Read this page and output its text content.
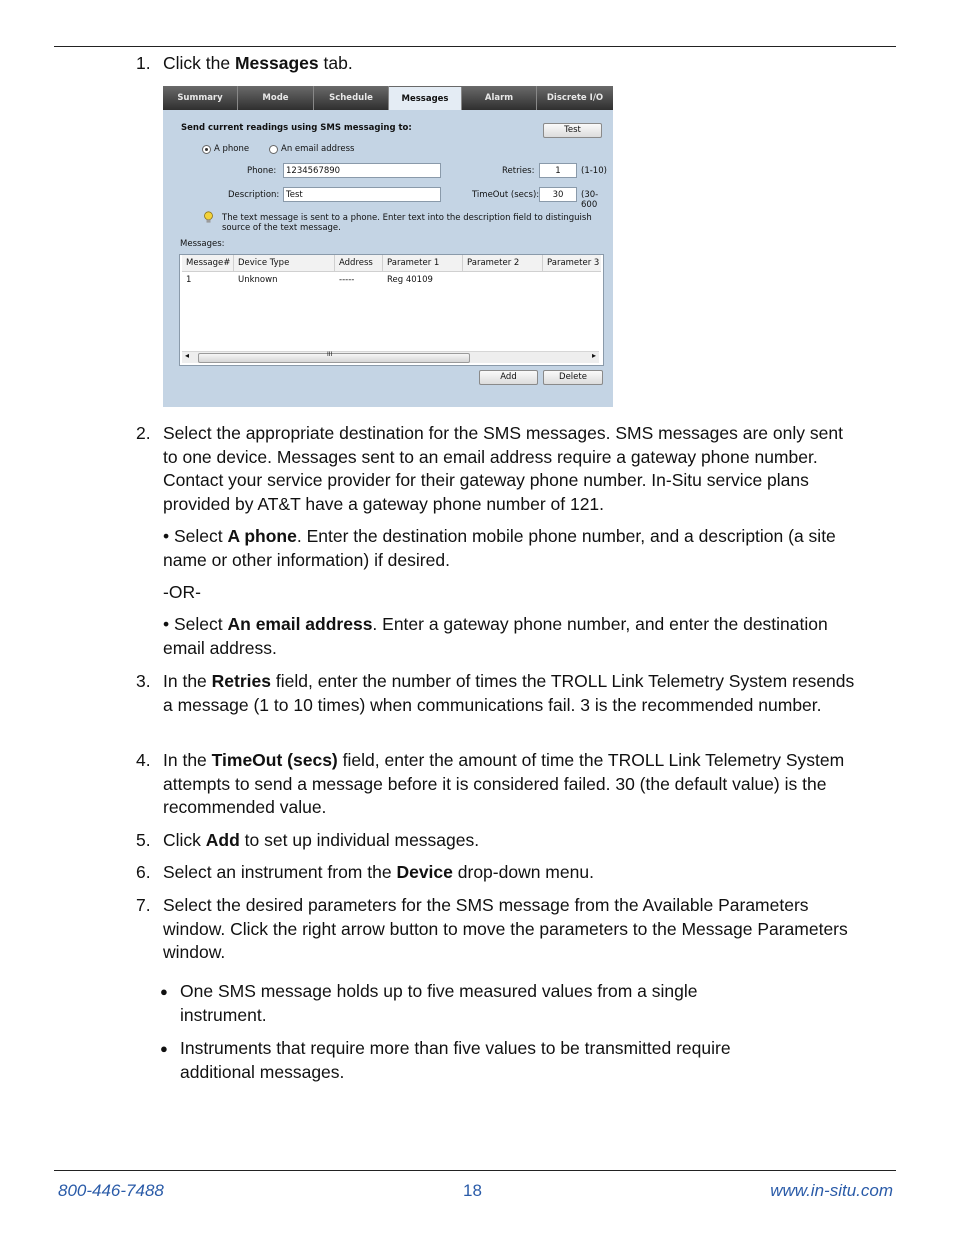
1. Click the Messages tab.
Summary	Mode	Schedule	Messages	Alarm	Discrete I/O
Send current readings using SMS messaging to:	Test
A phone	An email address
Phone:	1234567890
Description: Test
Retries:	1	(1-10)
TimeOut (secs):	30	(30-600
The text message is sent to a phone. Enter text into the description field to distinguish source of the text message.
Messages:
Message# Device Type	Address	Parameter 1	Parameter 2	Parameter 3
1	Unknown	-----	Reg 40109
◂	III	▸
Add	Delete
2. Select the appropriate destination for the SMS messages. SMS messages are only sent to one device. Messages sent to an email address require a gateway phone number. Contact your service provider for their gateway phone number. In-Situ service plans provided by AT&T have a gateway phone number of 121.
• Select A phone. Enter the destination mobile phone number, and a description (a site name or other information) if desired.
-OR-
• Select An email address. Enter a gateway phone number, and enter the destination email address.
3. In the Retries field, enter the number of times the TROLL Link Telemetry System resends a message (1 to 10 times) when communications fail. 3 is the recommended number.
4. In the TimeOut (secs) field, enter the amount of time the TROLL Link Telemetry System attempts to send a message before it is considered failed. 30 (the default value) is the recommended value.
5. Click Add to set up individual messages.
6. Select an instrument from the Device drop-down menu.
7. Select the desired parameters for the SMS message from the Available Parameters window. Click the right arrow button to move the parameters to the Message Parameters window.
● One SMS message holds up to five measured values from a single instrument.
● Instruments that require more than five values to be transmitted require additional messages.
800-446-7488	18	www.in-situ.com
